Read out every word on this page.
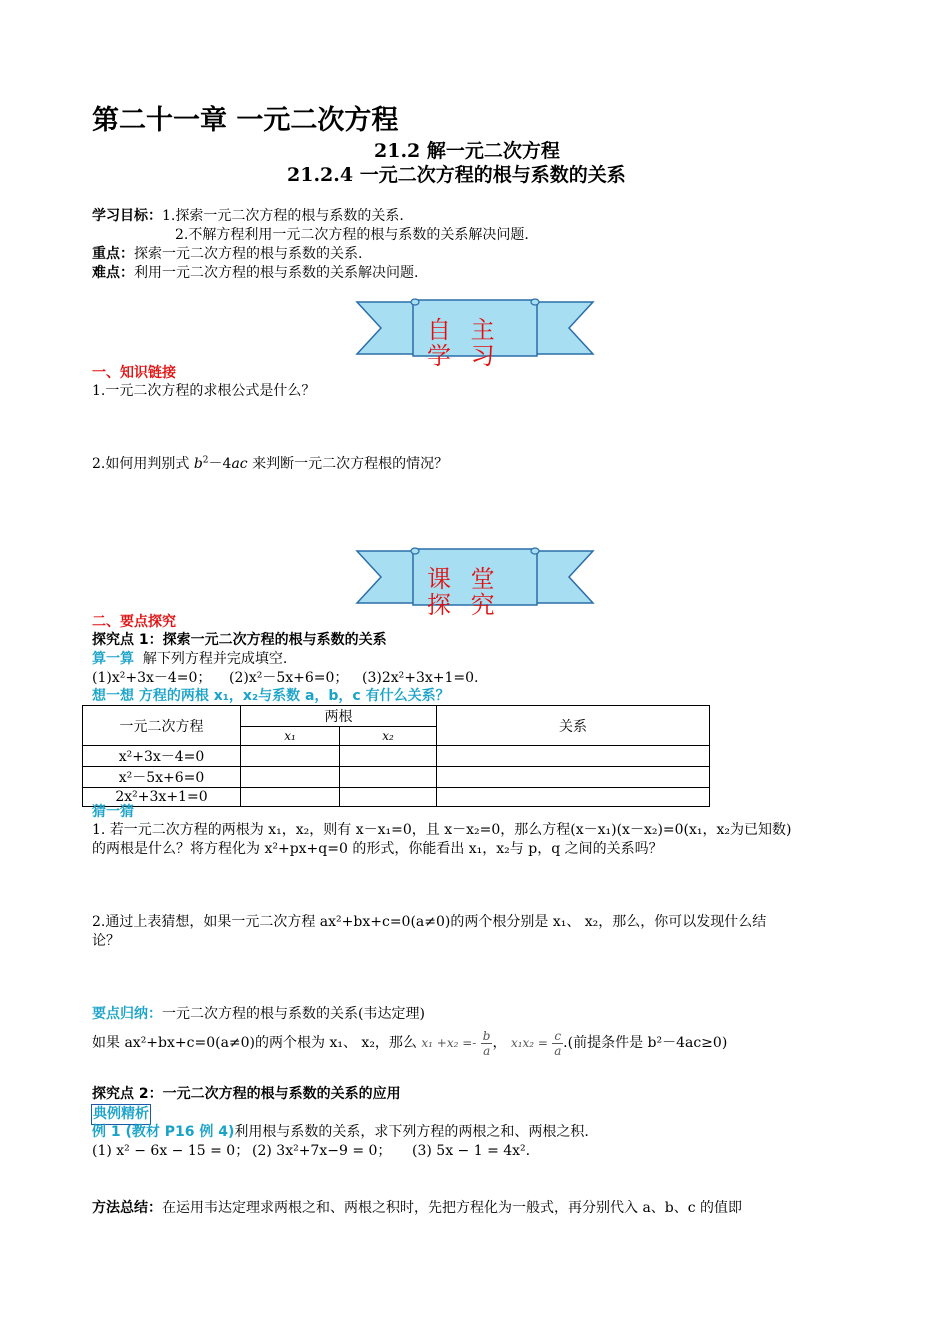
第二十一章 一元二次方程
21.2 解一元二次方程
21.2.4 一元二次方程的根与系数的关系
学习目标：1.探索一元二次方程的根与系数的关系.
2.不解方程利用一元二次方程的根与系数的关系解决问题.
重点：探索一元二次方程的根与系数的关系.
难点：利用一元二次方程的根与系数的关系解决问题.
自 主 学 习
一、知识链接
1.一元二次方程的求根公式是什么？
2.如何用判别式 $b^2-4ac$ 来判断一元二次方程根的情况？
课 堂 探 究
二、要点探究
探究点 1：探索一元二次方程的根与系数的关系
算一算 解下列方程并完成填空.
(1)x²+3x－4=0； (2)x²－5x+6=0； (3)2x²+3x+1=0.
想一想 方程的两根 x₁，x₂与系数 a，b，c 有什么关系？
一元二次方程	两根		关系
	x₁	x₂	
x²+3x－4=0			
x²－5x+6=0			
2x²+3x+1=0			
猜一猜
1. 若一元二次方程的两根为 x₁，x₂，则有 x－x₁=0，且 x－x₂=0，那么方程(x－x₁)(x－x₂)=0(x₁，x₂为已知数)
的两根是什么？将方程化为 x²+px+q=0 的形式，你能看出 x₁，x₂与 p，q 之间的关系吗？
2.通过上表猜想，如果一元二次方程 ax²+bx+c=0(a≠0)的两个根分别是 x₁、 x₂，那么，你可以发现什么结
论？
要点归纳：一元二次方程的根与系数的关系(韦达定理)
如果 ax²+bx+c=0(a≠0)的两个根为 x₁、 x₂，那么 $x_1 +x_2 =- \frac{b}{a}$ ， $x_1x_2 = \frac{c}{a}$ .(前提条件是 b²－4ac≥0)
探究点 2：一元二次方程的根与系数的关系的应用
典例精析
例 1 (教材 P16 例 4)利用根与系数的关系，求下列方程的两根之和、两根之积.
(1) x² − 6x − 15 = 0； (2) 3x²+7x−9 = 0； (3) 5x − 1 = 4x².
方法总结：在运用韦达定理求两根之和、两根之积时，先把方程化为一般式，再分别代入 a、b、c 的值即
